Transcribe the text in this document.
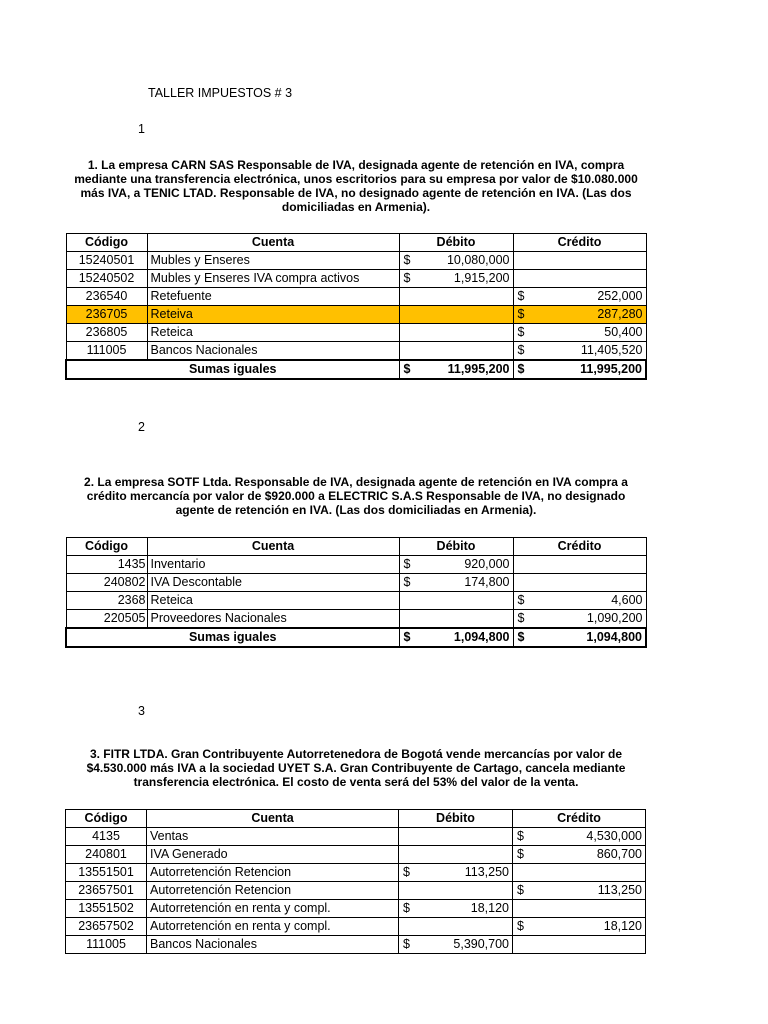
TALLER IMPUESTOS # 3
1
1. La empresa CARN SAS Responsable de IVA, designada agente de retención en IVA, compra mediante una transferencia electrónica, unos escritorios para su empresa por valor de $10.080.000 más IVA, a TENIC LTAD. Responsable de IVA, no designado agente de retención en IVA. (Las dos domiciliadas en Armenia).
Código	Cuenta	Débito	Crédito
15240501	Mubles y Enseres	$ 10,080,000	
15240502	Mubles y Enseres IVA compra activos	$ 1,915,200	
236540	Retefuente		$ 252,000
236705	Reteiva		$ 287,280
236805	Reteica		$ 50,400
111005	Bancos Nacionales		$ 11,405,520
Sumas iguales		$ 11,995,200	$ 11,995,200
2
2. La empresa SOTF Ltda. Responsable de IVA, designada agente de retención en IVA compra a crédito mercancía por valor de $920.000 a ELECTRIC S.A.S Responsable de IVA, no designado agente de retención en IVA. (Las dos domiciliadas en Armenia).
Código	Cuenta	Débito	Crédito
1435	Inventario	$ 920,000	
240802	IVA Descontable	$ 174,800	
2368	Reteica		$ 4,600
220505	Proveedores Nacionales		$ 1,090,200
Sumas iguales		$ 1,094,800	$ 1,094,800
3
3. FITR LTDA. Gran Contribuyente Autorretenedora de Bogotá vende mercancías por valor de $4.530.000 más IVA a la sociedad UYET S.A. Gran Contribuyente de Cartago, cancela mediante transferencia electrónica. El costo de venta será del 53% del valor de la venta.
Código	Cuenta	Débito	Crédito
4135	Ventas		$ 4,530,000
240801	IVA Generado		$ 860,700
13551501	Autorretención Retencion	$ 113,250	
23657501	Autorretención Retencion		$ 113,250
13551502	Autorretención en renta y compl.	$ 18,120	
23657502	Autorretención en renta y compl.		$ 18,120
111005	Bancos Nacionales	$ 5,390,700	
